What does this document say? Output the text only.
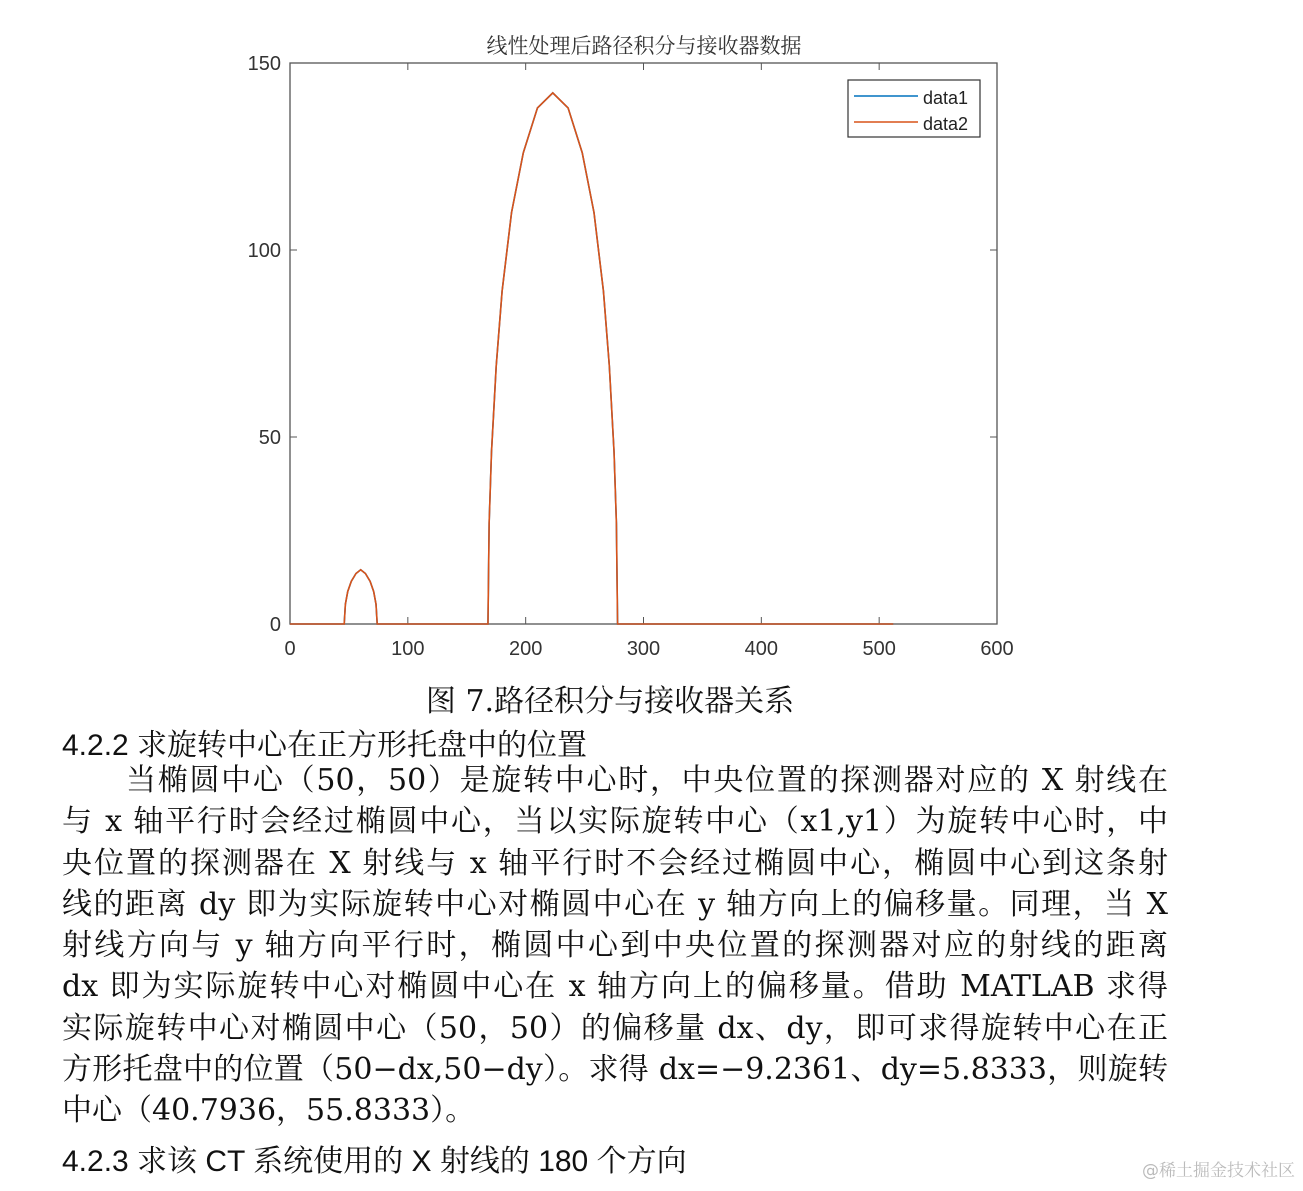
线性处理后路径积分与接收器数据
0	100	200	300	400	500	600
0
50
100
150
data1
data2
图 7.路径积分与接收器关系
4.2.2 求旋转中心在正方形托盘中的位置
当椭圆中心（50，50）是旋转中心时，中央位置的探测器对应的 X 射线在
与 x 轴平行时会经过椭圆中心，当以实际旋转中心（x1,y1）为旋转中心时，中
央位置的探测器在 X 射线与 x 轴平行时不会经过椭圆中心，椭圆中心到这条射
线的距离 dy 即为实际旋转中心对椭圆中心在 y 轴方向上的偏移量。同理，当 X
射线方向与 y 轴方向平行时，椭圆中心到中央位置的探测器对应的射线的距离
dx 即为实际旋转中心对椭圆中心在 x 轴方向上的偏移量。借助 MATLAB 求得
实际旋转中心对椭圆中心（50，50）的偏移量 dx、dy，即可求得旋转中心在正
方形托盘中的位置（50−dx,50−dy）。求得 dx=−9.2361、dy=5.8333，则旋转
中心（40.7936，55.8333）。
4.2.3 求该 CT 系统使用的 X 射线的 180 个方向	@稀土掘金技术社区
